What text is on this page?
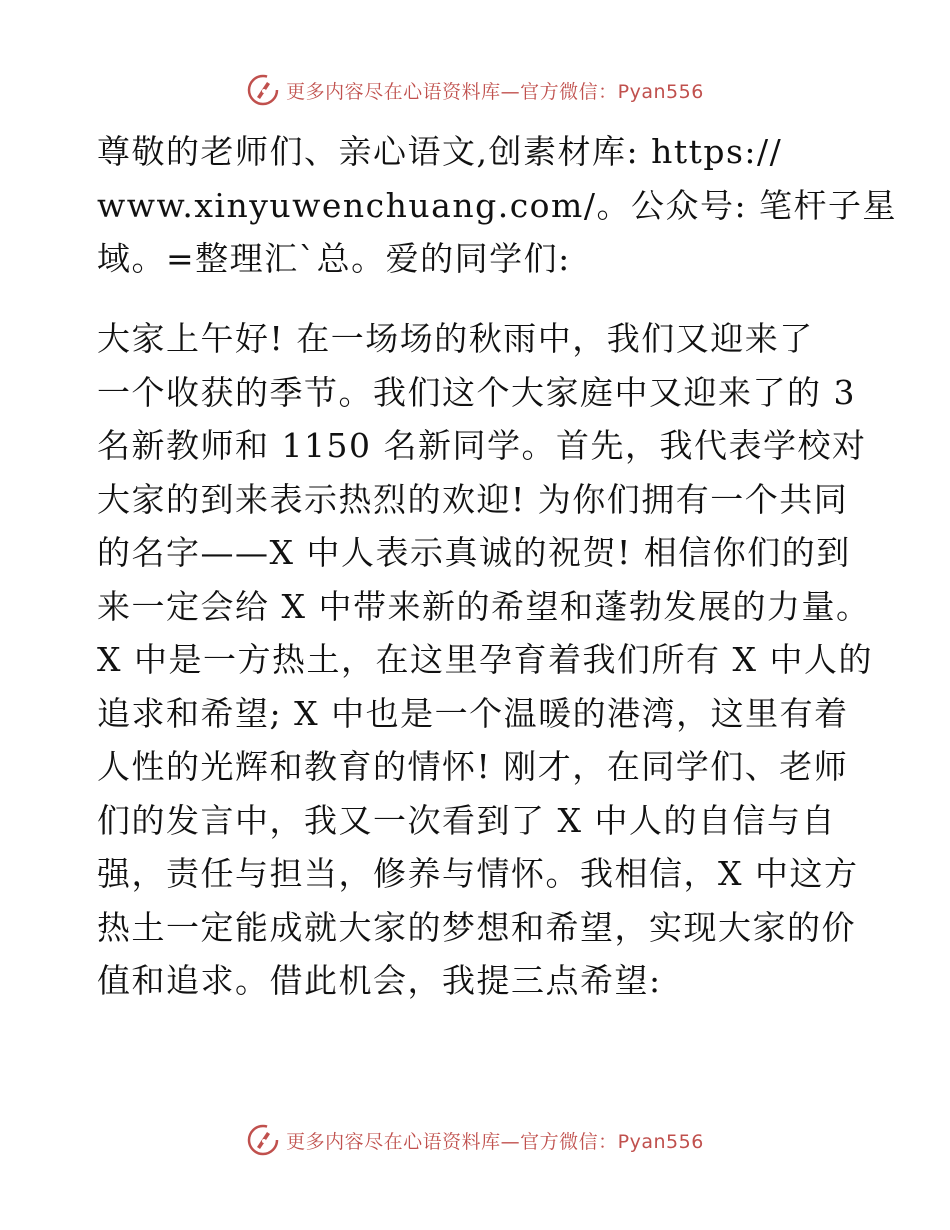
更多内容尽在心语资料库—官方微信：Pyan556
尊敬的老师们、亲心语文,创素材库: https://
www.xinyuwenchuang.com/。公众号: 笔杆子星
域。=整理汇`总。爱的同学们:
大家上午好! 在一场场的秋雨中，我们又迎来了
一个收获的季节。我们这个大家庭中又迎来了的 3
名新教师和 1150 名新同学。首先，我代表学校对
大家的到来表示热烈的欢迎! 为你们拥有一个共同
的名字——X 中人表示真诚的祝贺! 相信你们的到
来一定会给 X 中带来新的希望和蓬勃发展的力量。
X 中是一方热土，在这里孕育着我们所有 X 中人的
追求和希望; X 中也是一个温暖的港湾，这里有着
人性的光辉和教育的情怀! 刚才，在同学们、老师
们的发言中，我又一次看到了 X 中人的自信与自
强，责任与担当，修养与情怀。我相信，X 中这方
热土一定能成就大家的梦想和希望，实现大家的价
值和追求。借此机会，我提三点希望:
更多内容尽在心语资料库—官方微信：Pyan556
